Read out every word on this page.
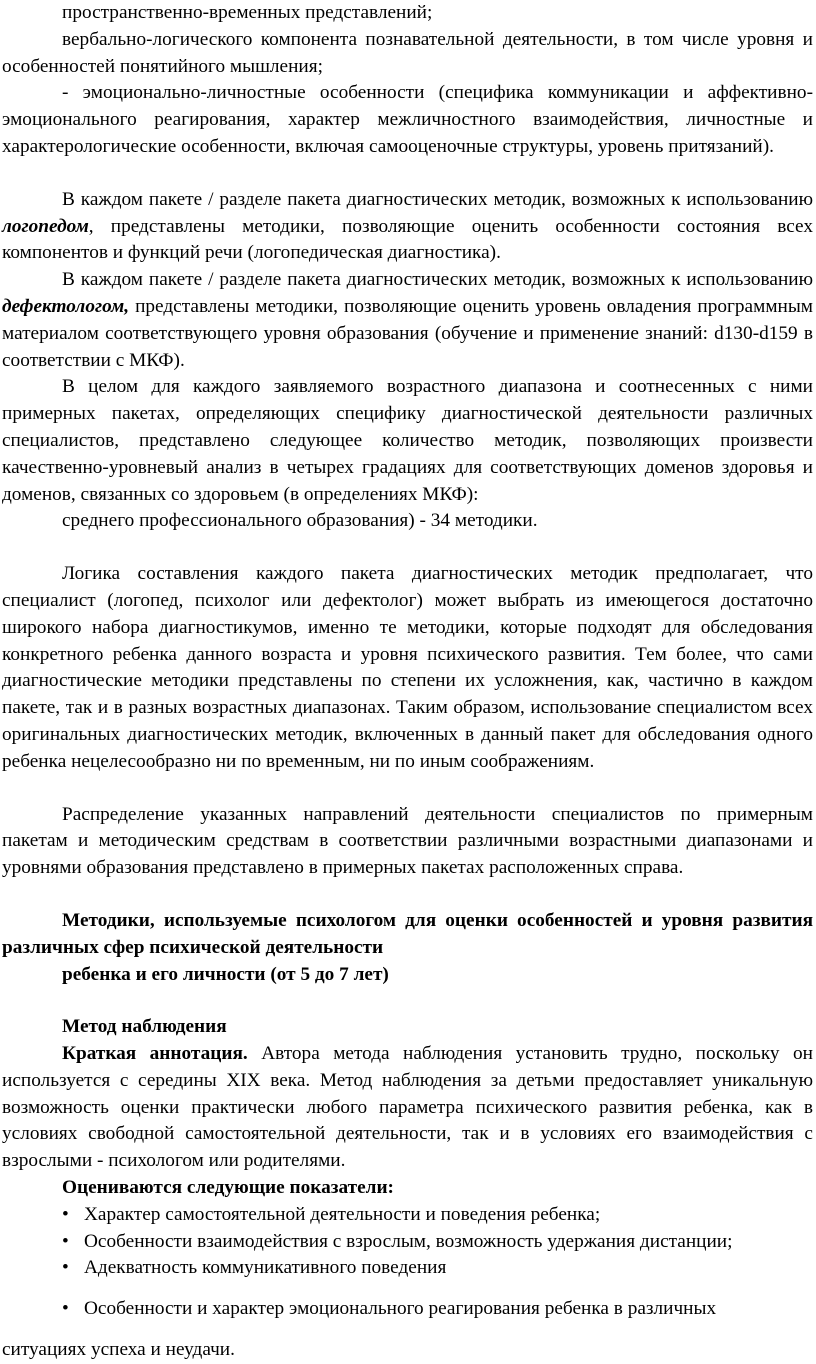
пространственно-временных представлений;

вербально-логического компонента познавательной деятельности, в том числе уровня и особенностей понятийного мышления;

- эмоционально-личностные особенности (специфика коммуникации и аффективно-эмоционального реагирования, характер межличностного взаимодействия, личностные и характерологические особенности, включая самооценочные структуры, уровень притязаний).

В каждом пакете / разделе пакета диагностических методик, возможных к использованию логопедом, представлены методики, позволяющие оценить особенности состояния всех компонентов и функций речи (логопедическая диагностика).

В каждом пакете / разделе пакета диагностических методик, возможных к использованию дефектологом, представлены методики, позволяющие оценить уровень овладения программным материалом соответствующего уровня образования (обучение и применение знаний: d130-d159 в соответствии с МКФ).

В целом для каждого заявляемого возрастного диапазона и соотнесенных с ними примерных пакетах, определяющих специфику диагностической деятельности различных специалистов, представлено следующее количество методик, позволяющих произвести качественно-уровневый анализ в четырех градациях для соответствующих доменов здоровья и доменов, связанных со здоровьем (в определениях МКФ):

среднего профессионального образования) - 34 методики.

Логика составления каждого пакета диагностических методик предполагает, что специалист (логопед, психолог или дефектолог) может выбрать из имеющегося достаточно широкого набора диагностикумов, именно те методики, которые подходят для обследования конкретного ребенка данного возраста и уровня психического развития. Тем более, что сами диагностические методики представлены по степени их усложнения, как, частично в каждом пакете, так и в разных возрастных диапазонах. Таким образом, использование специалистом всех оригинальных диагностических методик, включенных в данный пакет для обследования одного ребенка нецелесообразно ни по временным, ни по иным соображениям.

Распределение указанных направлений деятельности специалистов по примерным пакетам и методическим средствам в соответствии различными возрастными диапазонами и уровнями образования представлено в примерных пакетах расположенных справа.

Методики, используемые психологом для оценки особенностей и уровня развития различных сфер психической деятельности

ребенка и его личности (от 5 до 7 лет)

Метод наблюдения

Краткая аннотация. Автора метода наблюдения установить трудно, поскольку он используется с середины XIX века. Метод наблюдения за детьми предоставляет уникальную возможность оценки практически любого параметра психического развития ребенка, как в условиях свободной самостоятельной деятельности, так и в условиях его взаимодействия с взрослыми - психологом или родителями.

Оцениваются следующие показатели:

• Характер самостоятельной деятельности и поведения ребенка;
• Особенности взаимодействия с взрослым, возможность удержания дистанции;
• Адекватность коммуникативного поведения
• Особенности и характер эмоционального реагирования ребенка в различных

ситуациях успеха и неудачи.
